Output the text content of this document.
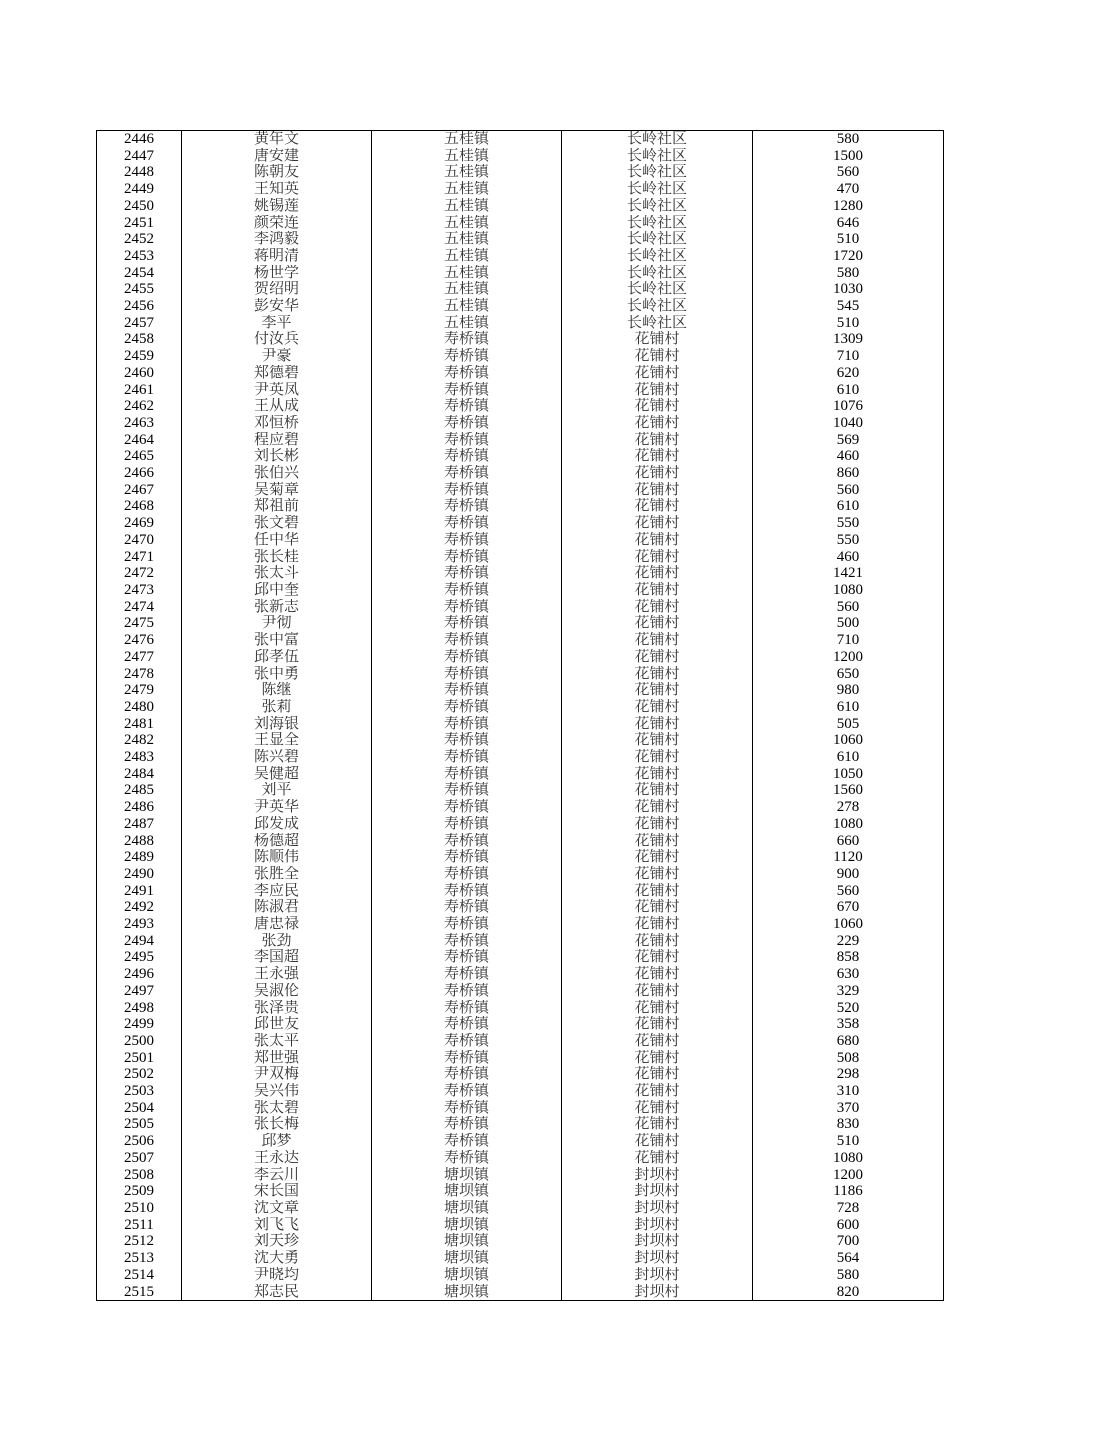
2446	黄年文	五桂镇	长岭社区	580
2447	唐安建	五桂镇	长岭社区	1500
2448	陈朝友	五桂镇	长岭社区	560
2449	王知英	五桂镇	长岭社区	470
2450	姚锡莲	五桂镇	长岭社区	1280
2451	颜荣连	五桂镇	长岭社区	646
2452	李鸿毅	五桂镇	长岭社区	510
2453	蒋明清	五桂镇	长岭社区	1720
2454	杨世学	五桂镇	长岭社区	580
2455	贺绍明	五桂镇	长岭社区	1030
2456	彭安华	五桂镇	长岭社区	545
2457	李平	五桂镇	长岭社区	510
2458	付汝兵	寿桥镇	花铺村	1309
2459	尹豪	寿桥镇	花铺村	710
2460	郑德碧	寿桥镇	花铺村	620
2461	尹英凤	寿桥镇	花铺村	610
2462	王从成	寿桥镇	花铺村	1076
2463	邓恒桥	寿桥镇	花铺村	1040
2464	程应碧	寿桥镇	花铺村	569
2465	刘长彬	寿桥镇	花铺村	460
2466	张伯兴	寿桥镇	花铺村	860
2467	吴菊章	寿桥镇	花铺村	560
2468	郑祖前	寿桥镇	花铺村	610
2469	张文碧	寿桥镇	花铺村	550
2470	任中华	寿桥镇	花铺村	550
2471	张长桂	寿桥镇	花铺村	460
2472	张太斗	寿桥镇	花铺村	1421
2473	邱中奎	寿桥镇	花铺村	1080
2474	张新志	寿桥镇	花铺村	560
2475	尹彻	寿桥镇	花铺村	500
2476	张中富	寿桥镇	花铺村	710
2477	邱孝伍	寿桥镇	花铺村	1200
2478	张中勇	寿桥镇	花铺村	650
2479	陈继	寿桥镇	花铺村	980
2480	张莉	寿桥镇	花铺村	610
2481	刘海银	寿桥镇	花铺村	505
2482	王显全	寿桥镇	花铺村	1060
2483	陈兴碧	寿桥镇	花铺村	610
2484	吴健超	寿桥镇	花铺村	1050
2485	刘平	寿桥镇	花铺村	1560
2486	尹英华	寿桥镇	花铺村	278
2487	邱发成	寿桥镇	花铺村	1080
2488	杨德超	寿桥镇	花铺村	660
2489	陈顺伟	寿桥镇	花铺村	1120
2490	张胜全	寿桥镇	花铺村	900
2491	李应民	寿桥镇	花铺村	560
2492	陈淑君	寿桥镇	花铺村	670
2493	唐忠禄	寿桥镇	花铺村	1060
2494	张劲	寿桥镇	花铺村	229
2495	李国超	寿桥镇	花铺村	858
2496	王永强	寿桥镇	花铺村	630
2497	吴淑伦	寿桥镇	花铺村	329
2498	张泽贵	寿桥镇	花铺村	520
2499	邱世友	寿桥镇	花铺村	358
2500	张太平	寿桥镇	花铺村	680
2501	郑世强	寿桥镇	花铺村	508
2502	尹双梅	寿桥镇	花铺村	298
2503	吴兴伟	寿桥镇	花铺村	310
2504	张太碧	寿桥镇	花铺村	370
2505	张长梅	寿桥镇	花铺村	830
2506	邱梦	寿桥镇	花铺村	510
2507	王永达	寿桥镇	花铺村	1080
2508	李云川	塘坝镇	封坝村	1200
2509	宋长国	塘坝镇	封坝村	1186
2510	沈文章	塘坝镇	封坝村	728
2511	刘飞飞	塘坝镇	封坝村	600
2512	刘天珍	塘坝镇	封坝村	700
2513	沈大勇	塘坝镇	封坝村	564
2514	尹晓均	塘坝镇	封坝村	580
2515	郑志民	塘坝镇	封坝村	820
